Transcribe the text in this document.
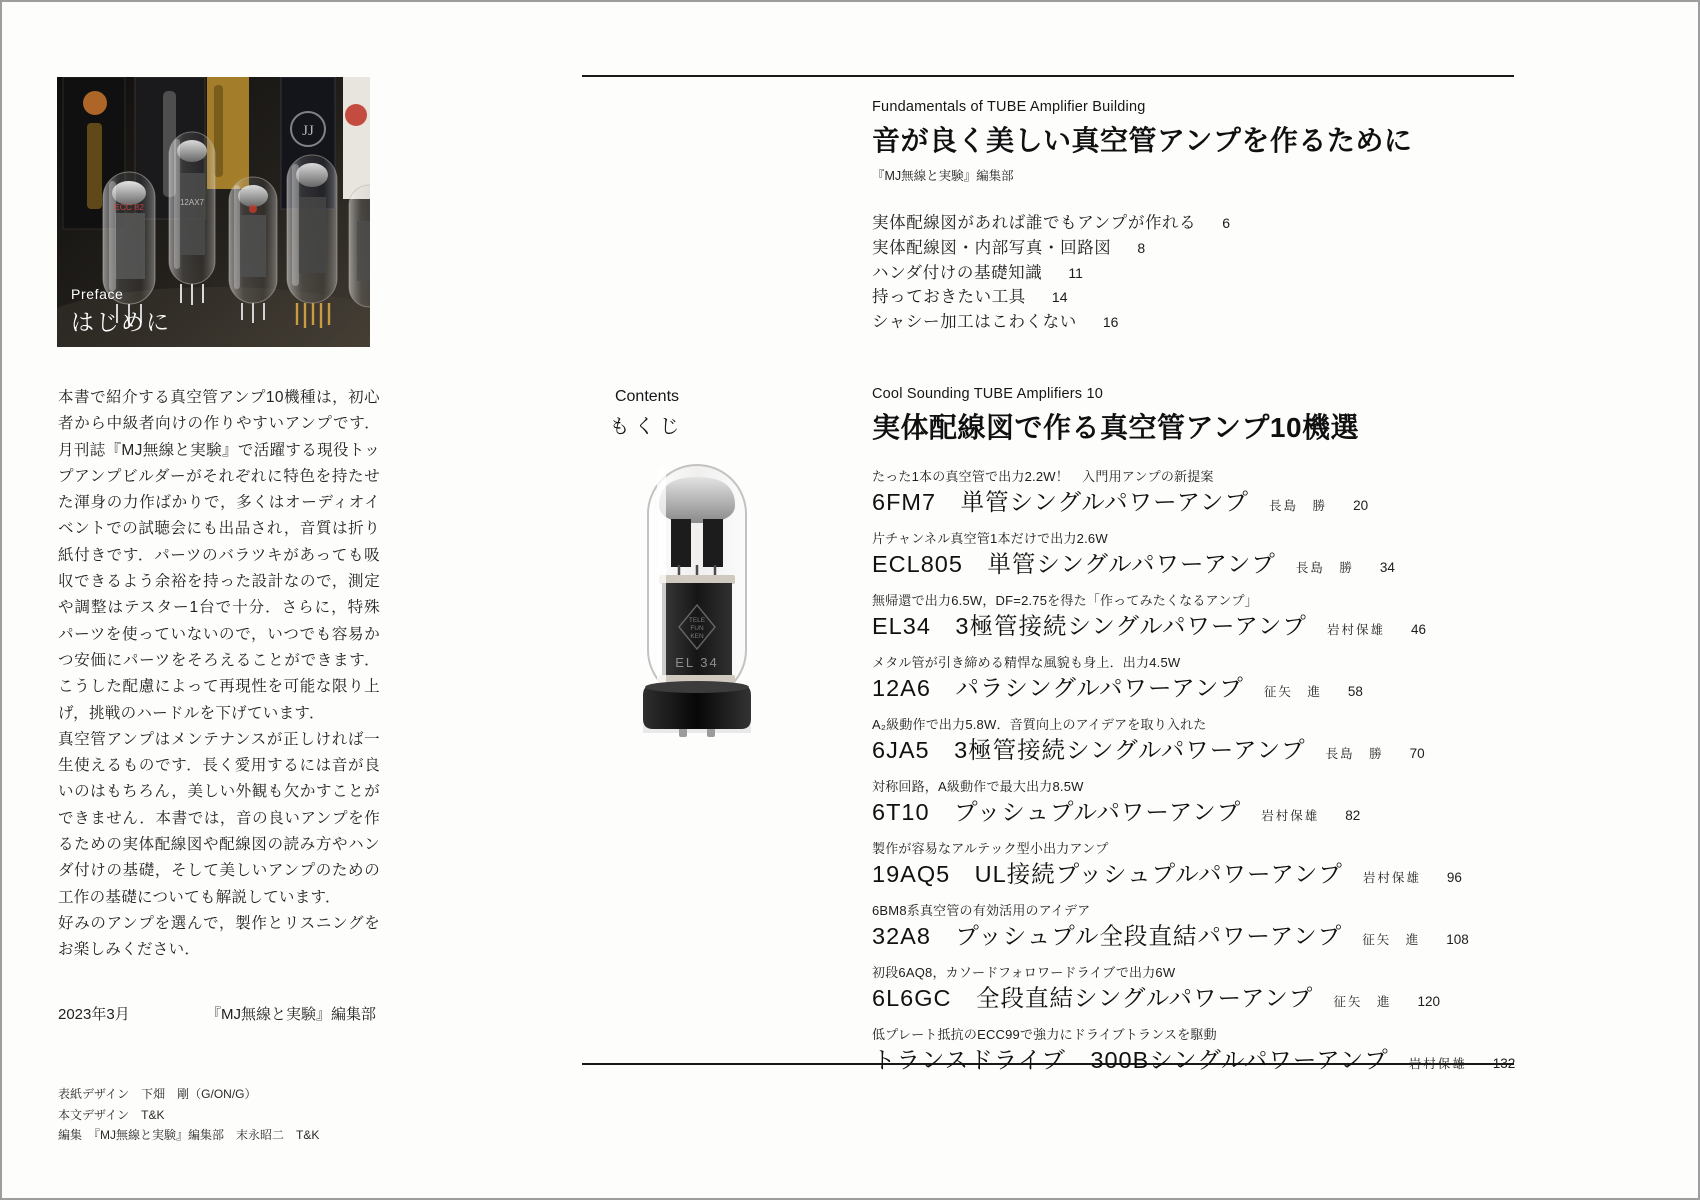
JJ
12AX7
ECC 82
Preface
はじめに

本書で紹介する真空管アンプ10機種は，初心者から中級者向けの作りやすいアンプです．月刊誌『MJ無線と実験』で活躍する現役トップアンプビルダーがそれぞれに特色を持たせた渾身の力作ばかりで，多くはオーディオイベントでの試聴会にも出品され，音質は折り紙付きです．パーツのバラツキがあっても吸収できるよう余裕を持った設計なので，測定や調整はテスター1台で十分．さらに，特殊パーツを使っていないので，いつでも容易かつ安価にパーツをそろえることができます．こうした配慮によって再現性を可能な限り上げ，挑戦のハードルを下げています．

真空管アンプはメンテナンスが正しければ一生使えるものです．長く愛用するには音が良いのはもちろん，美しい外観も欠かすことができません．本書では，音の良いアンプを作るための実体配線図や配線図の読み方やハンダ付けの基礎，そして美しいアンプのための工作の基礎についても解説しています．

好みのアンプを選んで，製作とリスニングをお楽しみください．

2023年3月	『MJ無線と実験』編集部
表紙デザイン　下畑　剛（G/ON/G）
本文デザイン　T&K
編集　『MJ無線と実験』編集部　末永昭二　T&K
Contents
もくじ
TELE
FUN
KEN
EL 34
Fundamentals of TUBE Amplifier Building
音が良く美しい真空管アンプを作るために
『MJ無線と実験』編集部
実体配線図があれば誰でもアンプが作れる 6
実体配線図・内部写真・回路図 8
ハンダ付けの基礎知識 11
持っておきたい工具 14
シャシー加工はこわくない 16
Cool Sounding TUBE Amplifiers 10
実体配線図で作る真空管アンプ10機選
たった1本の真空管で出力2.2W！　入門用アンプの新提案
6FM7　単管シングルパワーアンプ 長島　勝 20
片チャンネル真空管1本だけで出力2.6W
ECL805　単管シングルパワーアンプ 長島　勝 34
無帰還で出力6.5W，DF=2.75を得た「作ってみたくなるアンプ」
EL34　3極管接続シングルパワーアンプ 岩村保雄 46
メタル管が引き締める精悍な風貌も身上．出力4.5W
12A6　パラシングルパワーアンプ 征矢　進 58
A₂級動作で出力5.8W．音質向上のアイデアを取り入れた
6JA5　3極管接続シングルパワーアンプ 長島　勝 70
対称回路，A級動作で最大出力8.5W
6T10　プッシュプルパワーアンプ 岩村保雄 82
製作が容易なアルテック型小出力アンプ
19AQ5　UL接続プッシュプルパワーアンプ 岩村保雄 96
6BM8系真空管の有効活用のアイデア
32A8　プッシュプル全段直結パワーアンプ 征矢　進 108
初段6AQ8，カソードフォロワードライブで出力6W
6L6GC　全段直結シングルパワーアンプ 征矢　進 120
低プレート抵抗のECC99で強力にドライブトランスを駆動
トランスドライブ　300Bシングルパワーアンプ 岩村保雄 132
